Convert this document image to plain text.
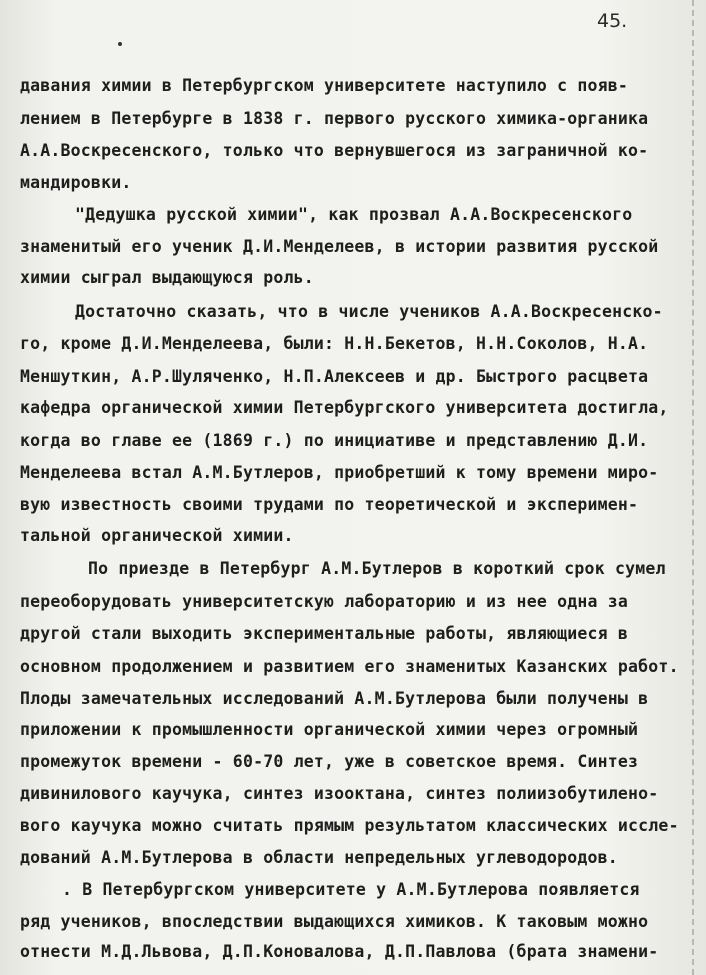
45.
давания химии в Петербургском университете наступило с появ-
лением в Петербурге в 1838 г. первого русского химика-органика
А.А.Воскресенского, только что вернувшегося из заграничной ко-
мандировки.
"Дедушка русской химии", как прозвал А.А.Воскресенского
знаменитый его ученик Д.И.Менделеев, в истории развития русской
химии сыграл выдающуюся роль.
Достаточно сказать, что в числе учеников А.А.Воскресенско-
го, кроме Д.И.Менделеева, были: Н.Н.Бекетов, Н.Н.Соколов, Н.А.
Меншуткин, А.Р.Шуляченко, Н.П.Алексеев и др. Быстрого расцвета
кафедра органической химии Петербургского университета достигла,
когда во главе ее (1869 г.) по инициативе и представлению Д.И.
Менделеева встал А.М.Бутлеров, приобретший к тому времени миро-
вую известность своими трудами по теоретической и эксперимен-
тальной органической химии.
По приезде в Петербург А.М.Бутлеров в короткий срок сумел
переоборудовать университетскую лабораторию и из нее одна за
другой стали выходить экспериментальные работы, являющиеся в
основном продолжением и развитием его знаменитых Казанских работ.
Плоды замечательных исследований А.М.Бутлерова были получены в
приложении к промышленности органической химии через огромный
промежуток времени - 60-70 лет, уже в советское время. Синтез
дивинилового каучука, синтез изооктана, синтез полиизобутилено-
вого каучука можно считать прямым результатом классических иссле-
дований А.М.Бутлерова в области непредельных углеводородов.
. В Петербургском университете у А.М.Бутлерова появляется
ряд учеников, впоследствии выдающихся химиков. К таковым можно
отнести М.Д.Львова, Д.П.Коновалова, Д.П.Павлова (брата знамени-
